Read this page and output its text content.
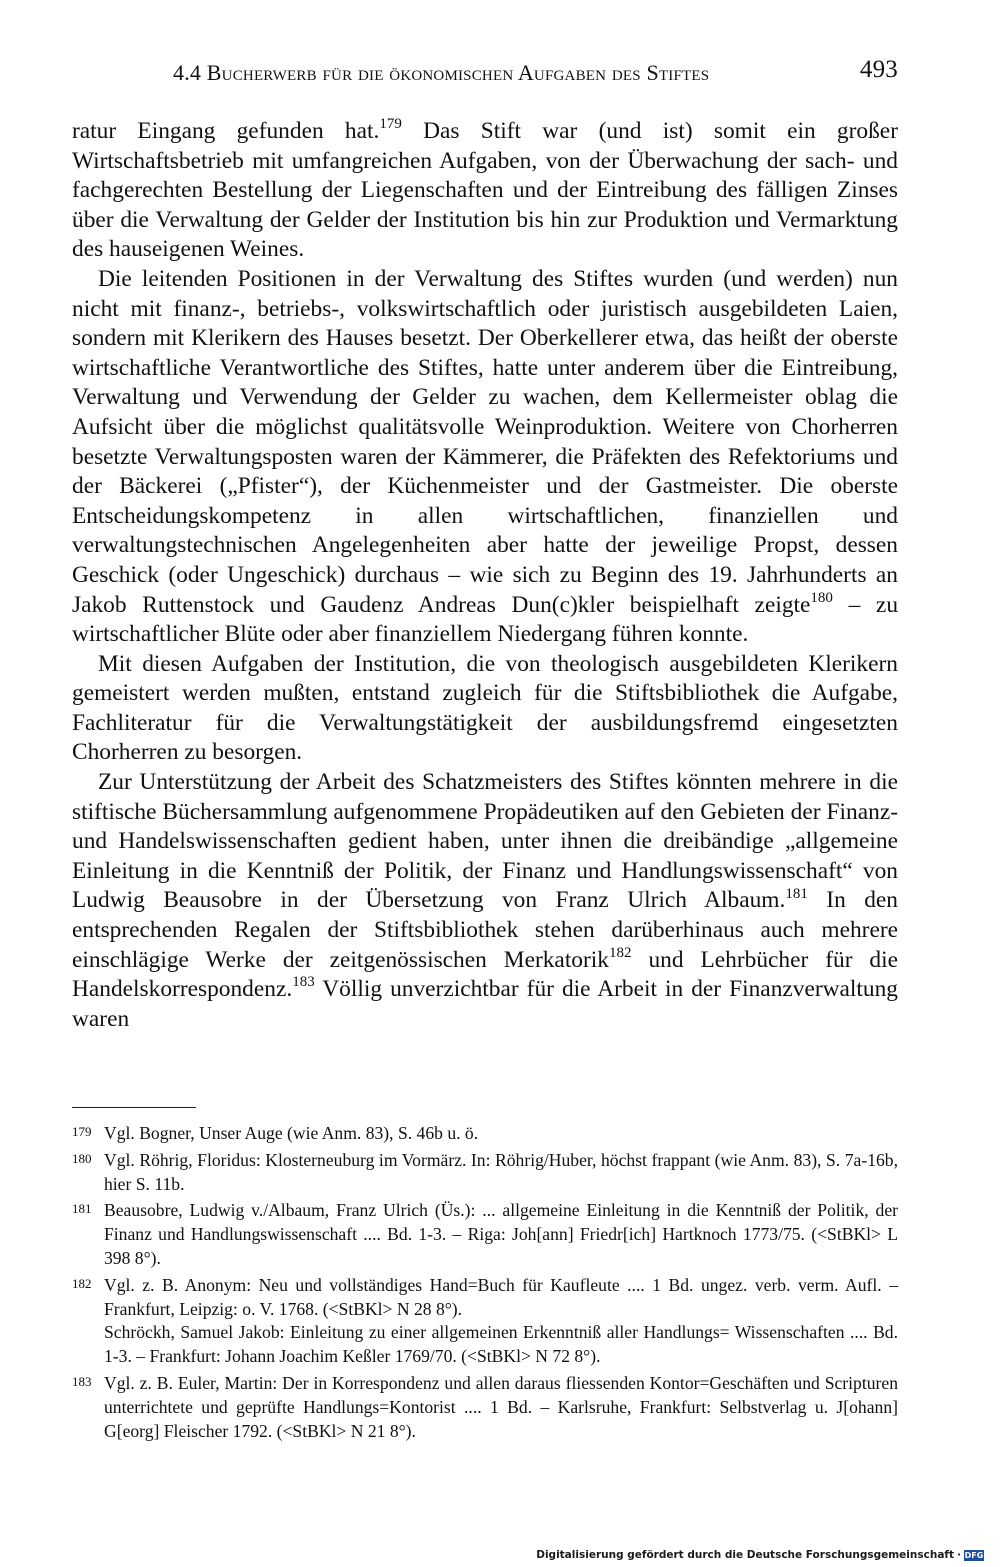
4.4 Bucherwerb für die ökonomischen Aufgaben des Stiftes	493

ratur Eingang gefunden hat.$^{179}$ Das Stift war (und ist) somit ein großer Wirtschaftsbetrieb mit umfangreichen Aufgaben, von der Überwachung der sach- und fachgerechten Bestellung der Liegenschaften und der Eintreibung des fälligen Zinses über die Verwaltung der Gelder der Institution bis hin zur Produktion und Vermarktung des hauseigenen Weines.

Die leitenden Positionen in der Verwaltung des Stiftes wurden (und werden) nun nicht mit finanz-, betriebs-, volkswirtschaftlich oder juristisch ausgebildeten Laien, sondern mit Klerikern des Hauses besetzt. Der Oberkellerer etwa, das heißt der oberste wirtschaftliche Verantwortliche des Stiftes, hatte unter anderem über die Eintreibung, Verwaltung und Verwendung der Gelder zu wachen, dem Kellermeister oblag die Aufsicht über die möglichst qualitätsvolle Weinproduktion. Weitere von Chorherren besetzte Verwaltungsposten waren der Kämmerer, die Präfekten des Refektoriums und der Bäckerei („Pfister“), der Küchenmeister und der Gastmeister. Die oberste Entscheidungskompetenz in allen wirtschaftlichen, finanziellen und verwaltungstechnischen Angelegenheiten aber hatte der jeweilige Propst, dessen Geschick (oder Ungeschick) durchaus – wie sich zu Beginn des 19. Jahrhunderts an Jakob Ruttenstock und Gaudenz Andreas Dun(c)kler beispielhaft zeigte$^{180}$ – zu wirtschaftlicher Blüte oder aber finanziellem Niedergang führen konnte.

Mit diesen Aufgaben der Institution, die von theologisch ausgebildeten Klerikern gemeistert werden mußten, entstand zugleich für die Stiftsbibliothek die Aufgabe, Fachliteratur für die Verwaltungstätigkeit der ausbildungsfremd eingesetzten Chorherren zu besorgen.

Zur Unterstützung der Arbeit des Schatzmeisters des Stiftes könnten mehrere in die stiftische Büchersammlung aufgenommene Propädeutiken auf den Gebieten der Finanz- und Handelswissenschaften gedient haben, unter ihnen die dreibändige „allgemeine Einleitung in die Kenntniß der Politik, der Finanz und Handlungswissenschaft“ von Ludwig Beausobre in der Übersetzung von Franz Ulrich Albaum.$^{181}$ In den entsprechenden Regalen der Stiftsbibliothek stehen darüberhinaus auch mehrere einschlägige Werke der zeitgenössischen Merkatorik$^{182}$ und Lehrbücher für die Handelskorrespondenz.$^{183}$ Völlig unverzichtbar für die Arbeit in der Finanzverwaltung waren

179 Vgl. Bogner, Unser Auge (wie Anm. 83), S. 46b u. ö.
180 Vgl. Röhrig, Floridus: Klosterneuburg im Vormärz. In: Röhrig/Huber, höchst frappant (wie Anm. 83), S. 7a-16b, hier S. 11b.
181 Beausobre, Ludwig v./Albaum, Franz Ulrich (Üs.): ... allgemeine Einleitung in die Kenntniß der Politik, der Finanz und Handlungswissenschaft .... Bd. 1-3. – Riga: Joh[ann] Friedr[ich] Hartknoch 1773/75. (<StBKl> L 398 8°).
182 Vgl. z. B. Anonym: Neu und vollständiges Hand=Buch für Kaufleute .... 1 Bd. ungez. verb. verm. Aufl. – Frankfurt, Leipzig: o. V. 1768. (<StBKl> N 28 8°).
Schröckh, Samuel Jakob: Einleitung zu einer allgemeinen Erkenntniß aller Handlungs= Wissenschaften .... Bd. 1-3. – Frankfurt: Johann Joachim Keßler 1769/70. (<StBKl> N 72 8°).
183 Vgl. z. B. Euler, Martin: Der in Korrespondenz und allen daraus fliessenden Kontor=Geschäften und Scripturen unterrichtete und geprüfte Handlungs=Kontorist .... 1 Bd. – Karlsruhe, Frankfurt: Selbstverlag u. J[ohann] G[eorg] Fleischer 1792. (<StBKl> N 21 8°).
Digitalisierung gefördert durch die Deutsche Forschungsgemeinschaft · DFG
